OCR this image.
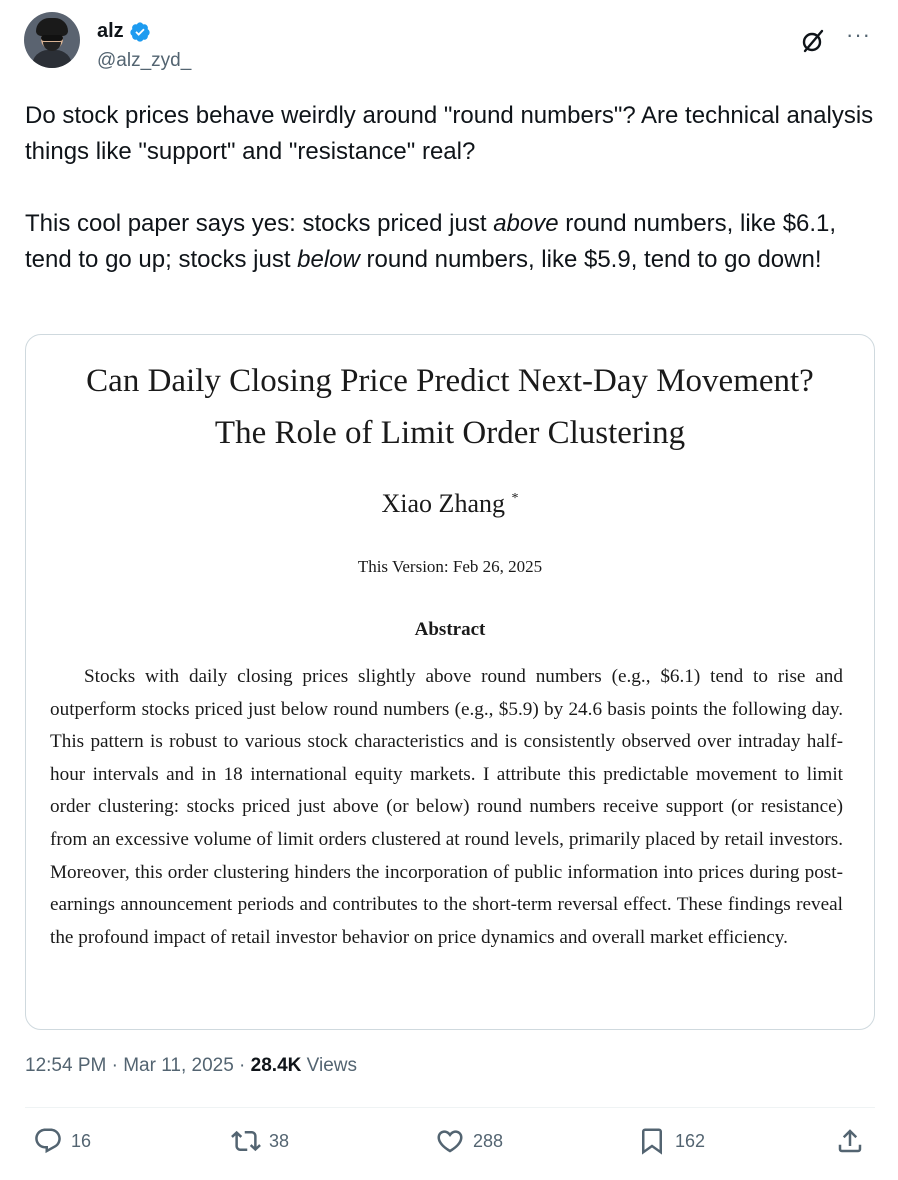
alz
@alz_zyd_
···

Do stock prices behave weirdly around "round numbers"? Are technical analysis things like "support" and "resistance" real?

This cool paper says yes: stocks priced just above round numbers, like $6.1, tend to go up; stocks just below round numbers, like $5.9, tend to go down!

Can Daily Closing Price Predict Next-Day Movement?
The Role of Limit Order Clustering
Xiao Zhang *
This Version: Feb 26, 2025
Abstract

Stocks with daily closing prices slightly above round numbers (e.g., $6.1) tend to rise and outperform stocks priced just below round numbers (e.g., $5.9) by 24.6 basis points the following day. This pattern is robust to various stock characteristics and is consistently observed over intraday half-hour intervals and in 18 international equity markets. I attribute this predictable movement to limit order clustering: stocks priced just above (or below) round numbers receive support (or resistance) from an excessive volume of limit orders clustered at round levels, primarily placed by retail investors. Moreover, this order clustering hinders the incorporation of public information into prices during post-earnings announcement periods and contributes to the short-term reversal effect. These findings reveal the profound impact of retail investor behavior on price dynamics and overall market efficiency.

12:54 PM · Mar 11, 2025 · 28.4K Views
16	38	288	162
